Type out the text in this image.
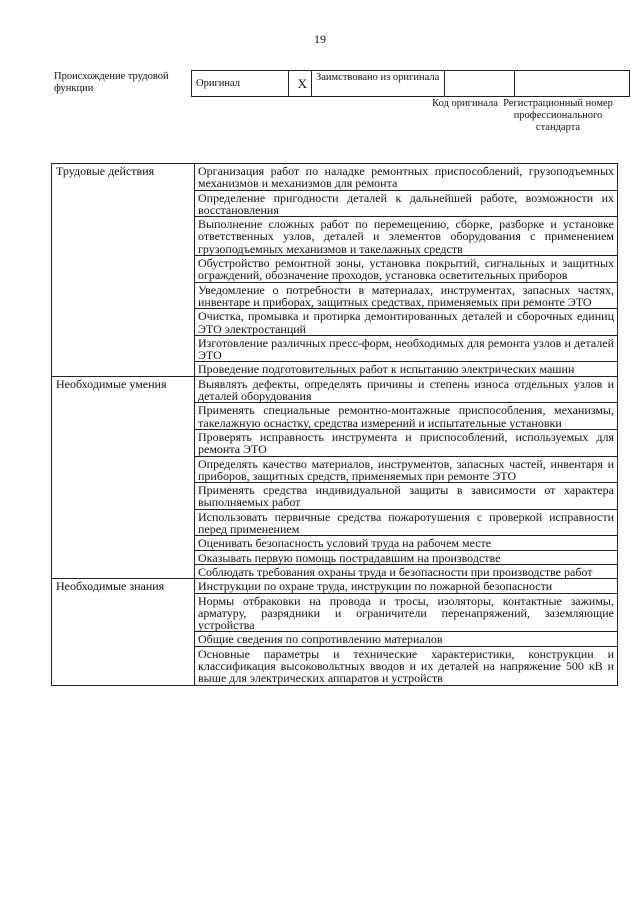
19
Происхождение трудовой функции	Оригинал	X	Заимствовано из оригинала		
Код оригинала Регистрационный номер профессионального стандарта
Трудовые действия	Организация работ по наладке ремонтных приспособлений, грузоподъемных механизмов и механизмов для ремонта
	Определение пригодности деталей к дальнейшей работе, возможности их восстановления
	Выполнение сложных работ по перемещению, сборке, разборке и установке ответственных узлов, деталей и элементов оборудования с применением грузоподъемных механизмов и такелажных средств
	Обустройство ремонтной зоны, установка покрытий, сигнальных и защитных ограждений, обозначение проходов, установка осветительных приборов
	Уведомление о потребности в материалах, инструментах, запасных частях, инвентаре и приборах, защитных средствах, применяемых при ремонте ЭТО
	Очистка, промывка и протирка демонтированных деталей и сборочных единиц ЭТО электростанций
	Изготовление различных пресс-форм, необходимых для ремонта узлов и деталей ЭТО
	Проведение подготовительных работ к испытанию электрических машин
Необходимые умения	Выявлять дефекты, определять причины и степень износа отдельных узлов и деталей оборудования
	Применять специальные ремонтно-монтажные приспособления, механизмы, такелажную оснастку, средства измерений и испытательные установки
	Проверять исправность инструмента и приспособлений, используемых для ремонта ЭТО
	Определять качество материалов, инструментов, запасных частей, инвентаря и приборов, защитных средств, применяемых при ремонте ЭТО
	Применять средства индивидуальной защиты в зависимости от характера выполняемых работ
	Использовать первичные средства пожаротушения с проверкой исправности перед применением
	Оценивать безопасность условий труда на рабочем месте
	Оказывать первую помощь пострадавшим на производстве
	Соблюдать требования охраны труда и безопасности при производстве работ
Необходимые знания	Инструкции по охране труда, инструкции по пожарной безопасности
	Нормы отбраковки на провода и тросы, изоляторы, контактные зажимы, арматуру, разрядники и ограничители перенапряжений, заземляющие устройства
	Общие сведения по сопротивлению материалов
	Основные параметры и технические характеристики, конструкции и классификация высоковольтных вводов и их деталей на напряжение 500 кВ и выше для электрических аппаратов и устройств
